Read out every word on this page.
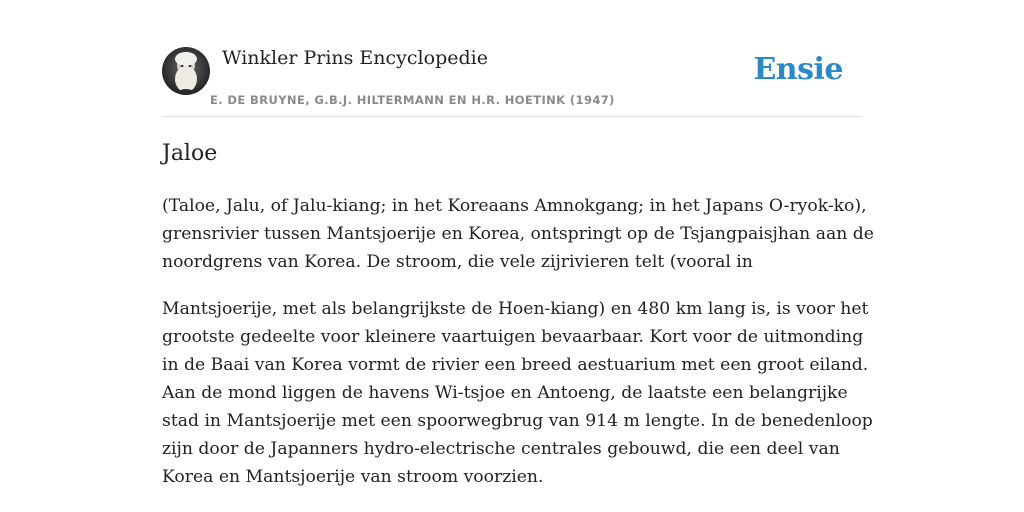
Winkler Prins Encyclopedie
E. DE BRUYNE, G.B.J. HILTERMANN EN H.R. HOETINK (1947)
Ensie
Jaloe

(Taloe, Jalu, of Jalu-kiang; in het Koreaans Amnokgang; in het Japans O-ryok-ko), grensrivier tussen Mantsjoerije en Korea, ontspringt op de Tsjangpaisjhan aan de noordgrens van Korea. De stroom, die vele zijrivieren telt (vooral in

Mantsjoerije, met als belangrijkste de Hoen-kiang) en 480 km lang is, is voor het grootste gedeelte voor kleinere vaartuigen bevaarbaar. Kort voor de uitmonding in de Baai van Korea vormt de rivier een breed aestuarium met een groot eiland. Aan de mond liggen de havens Wi-tsjoe en Antoeng, de laatste een belangrijke stad in Mantsjoerije met een spoorwegbrug van 914 m lengte. In de benedenloop zijn door de Japanners hydro-electrische centrales gebouwd, die een deel van Korea en Mantsjoerije van stroom voorzien.
